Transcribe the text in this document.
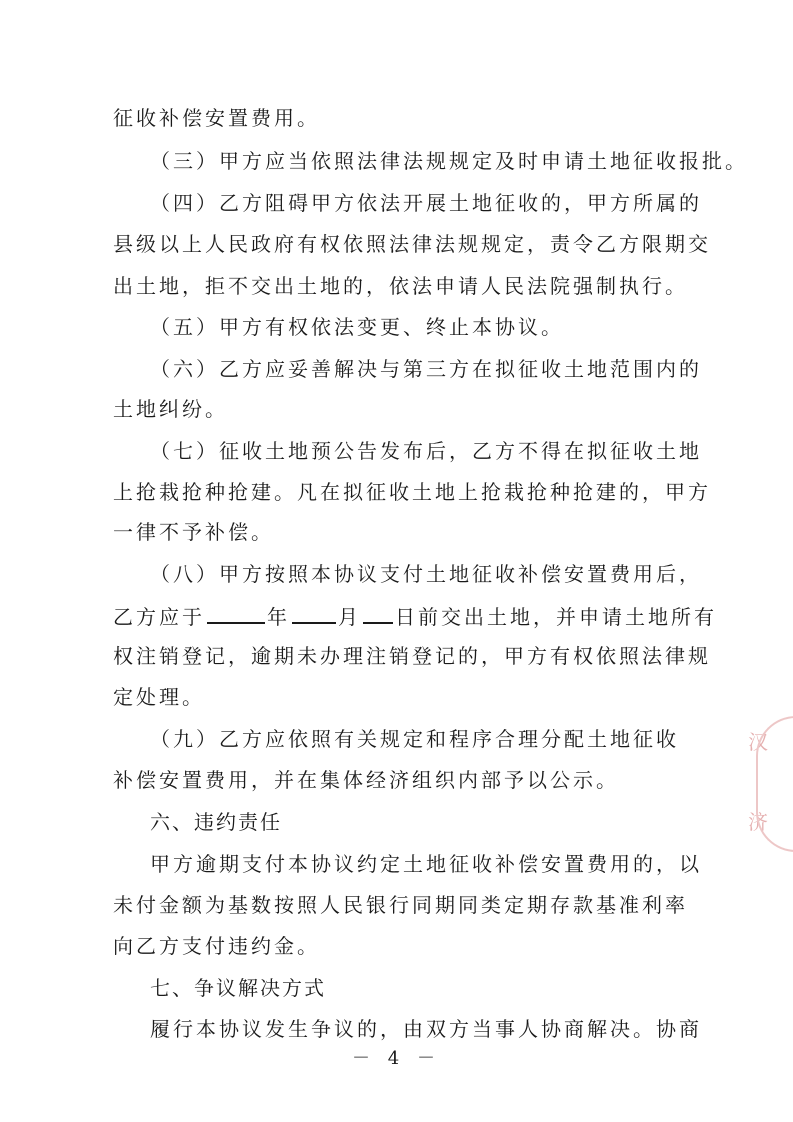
征收补偿安置费用。
（三）甲方应当依照法律法规规定及时申请土地征收报批。
（四）乙方阻碍甲方依法开展土地征收的，甲方所属的
县级以上人民政府有权依照法律法规规定，责令乙方限期交
出土地，拒不交出土地的，依法申请人民法院强制执行。
（五）甲方有权依法变更、终止本协议。
（六）乙方应妥善解决与第三方在拟征收土地范围内的
土地纠纷。
（七）征收土地预公告发布后，乙方不得在拟征收土地
上抢栽抢种抢建。凡在拟征收土地上抢栽抢种抢建的，甲方
一律不予补偿。
（八）甲方按照本协议支付土地征收补偿安置费用后，
乙方应于	年 月 日前交出土地，并申请土地所有
权注销登记，逾期未办理注销登记的，甲方有权依照法律规
定处理。
（九）乙方应依照有关规定和程序合理分配土地征收
补偿安置费用，并在集体经济组织内部予以公示。
六、违约责任
甲方逾期支付本协议约定土地征收补偿安置费用的，以
未付金额为基数按照人民银行同期同类定期存款基准利率
向乙方支付违约金。
七、争议解决方式
履行本协议发生争议的，由双方当事人协商解决。协商
－ 4 －
汉
济
